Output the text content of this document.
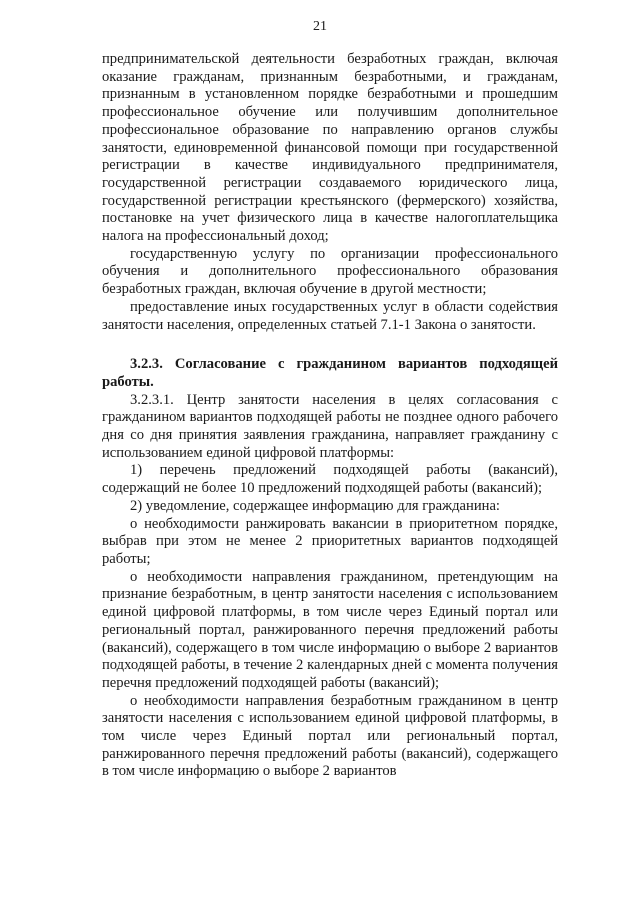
21

предпринимательской деятельности безработных граждан, включая оказание гражданам, признанным безработными, и гражданам, признанным в установленном порядке безработными и прошедшим профессиональное обучение или получившим дополнительное профессиональное образование по направлению органов службы занятости, единовременной финансовой помощи при государственной регистрации в качестве индивидуального предпринимателя, государственной регистрации создаваемого юридического лица, государственной регистрации крестьянского (фермерского) хозяйства, постановке на учет физического лица в качестве налогоплательщика налога на профессиональный доход;

государственную услугу по организации профессионального обучения и дополнительного профессионального образования безработных граждан, включая обучение в другой местности;

предоставление иных государственных услуг в области содействия занятости населения, определенных статьей 7.1-1 Закона о занятости.

3.2.3. Согласование с гражданином вариантов подходящей работы.

3.2.3.1. Центр занятости населения в целях согласования с гражданином вариантов подходящей работы не позднее одного рабочего дня со дня принятия заявления гражданина, направляет гражданину с использованием единой цифровой платформы:

1) перечень предложений подходящей работы (вакансий), содержащий не более 10 предложений подходящей работы (вакансий);

2) уведомление, содержащее информацию для гражданина:

о необходимости ранжировать вакансии в приоритетном порядке, выбрав при этом не менее 2 приоритетных вариантов подходящей работы;

о необходимости направления гражданином, претендующим на признание безработным, в центр занятости населения с использованием единой цифровой платформы, в том числе через Единый портал или региональный портал, ранжированного перечня предложений работы (вакансий), содержащего в том числе информацию о выборе 2 вариантов подходящей работы, в течение 2 календарных дней с момента получения перечня предложений подходящей работы (вакансий);

о необходимости направления безработным гражданином в центр занятости населения с использованием единой цифровой платформы, в том числе через Единый портал или региональный портал, ранжированного перечня предложений работы (вакансий), содержащего в том числе информацию о выборе 2 вариантов
